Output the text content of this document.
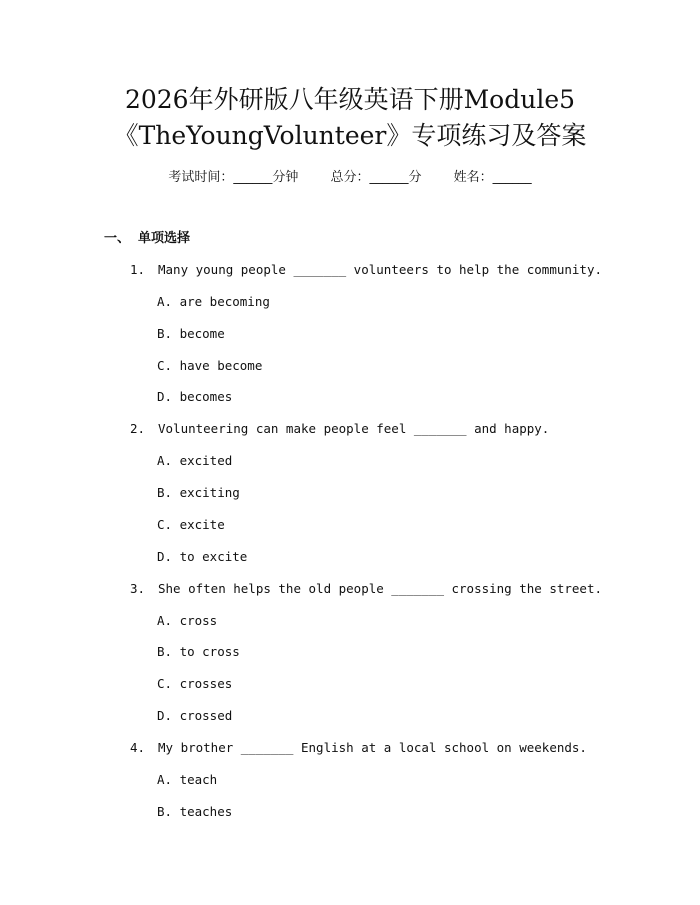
2026年外研版八年级英语下册Module5
《TheYoungVolunteer》专项练习及答案
考试时间：______分钟 总分：______分 姓名：______
一、 单项选择
1. Many young people _______ volunteers to help the community.
A. are becoming
B. become
C. have become
D. becomes
2. Volunteering can make people feel _______ and happy.
A. excited
B. exciting
C. excite
D. to excite
3. She often helps the old people _______ crossing the street.
A. cross
B. to cross
C. crosses
D. crossed
4. My brother _______ English at a local school on weekends.
A. teach
B. teaches
